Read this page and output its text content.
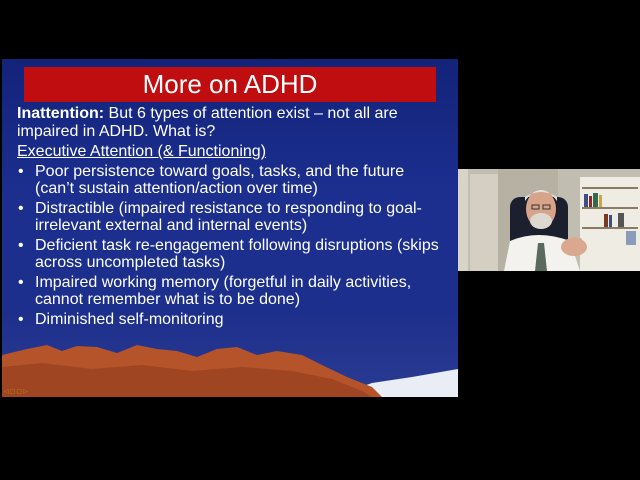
More on ADHD
Inattention: But 6 types of attention exist – not all are impaired in ADHD. What is?
Executive Attention (& Functioning)
• Poor persistence toward goals, tasks, and the future (can’t sustain attention/action over time)
• Distractible (impaired resistance to responding to goal-irrelevant external and internal events)
• Deficient task re-engagement following disruptions (skips across uncompleted tasks)
• Impaired working memory (forgetful in daily activities, cannot remember what is to be done)
• Diminished self-monitoring
◁▢▢▷
